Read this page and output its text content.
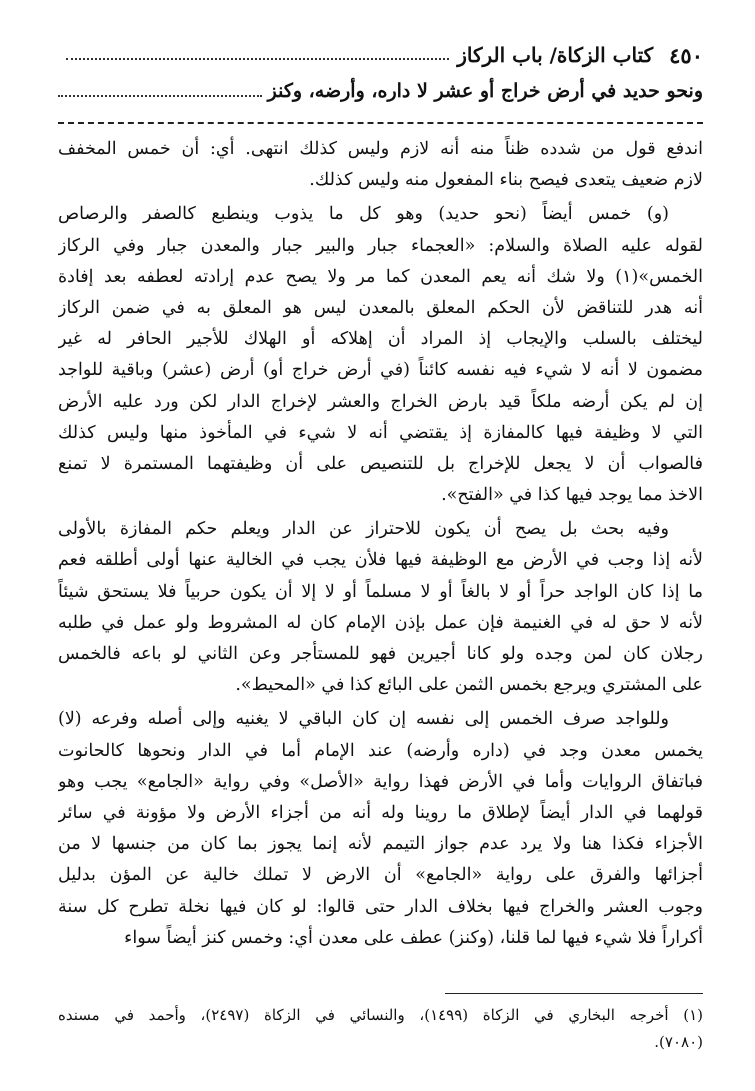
٤٥٠
كتاب الزكاة/ باب الركاز
ونحو حديد في أرض خراج أو عشر لا داره، وأرضه، وكنز
اندفع قول من شدده ظناً منه أنه لازم وليس كذلك انتهى. أي: أن خمس المخفف
لازم ضعيف يتعدى فيصح بناء المفعول منه وليس كذلك.
(و) خمس أيضاً (نحو حديد) وهو كل ما يذوب وينطبع كالصفر والرصاص
لقوله عليه الصلاة والسلام: «العجماء جبار والبير جبار والمعدن جبار وفي الركاز
الخمس»(١) ولا شك أنه يعم المعدن كما مر ولا يصح عدم إرادته لعطفه بعد إفادة
أنه هدر للتناقض لأن الحكم المعلق بالمعدن ليس هو المعلق به في ضمن الركاز
ليختلف بالسلب والإيجاب إذ المراد أن إهلاكه أو الهلاك للأجير الحافر له غير
مضمون لا أنه لا شيء فيه نفسه كائناً (في أرض خراج أو) أرض (عشر) وباقية للواجد
إن لم يكن أرضه ملكاً قيد بارض الخراج والعشر لإخراج الدار لكن ورد عليه الأرض
التي لا وظيفة فيها كالمفازة إذ يقتضي أنه لا شيء في المأخوذ منها وليس كذلك
فالصواب أن لا يجعل للإخراج بل للتنصيص على أن وظيفتهما المستمرة لا تمنع
الاخذ مما يوجد فيها كذا في «الفتح».
وفيه بحث بل يصح أن يكون للاحتراز عن الدار ويعلم حكم المفازة بالأولى
لأنه إذا وجب في الأرض مع الوظيفة فيها فلأن يجب في الخالية عنها أولى أطلقه فعم
ما إذا كان الواجد حراً أو لا بالغاً أو لا مسلماً أو لا إلا أن يكون حربياً فلا يستحق شيئاً
لأنه لا حق له في الغنيمة فإن عمل بإذن الإمام كان له المشروط ولو عمل في طلبه
رجلان كان لمن وجده ولو كانا أجيرين فهو للمستأجر وعن الثاني لو باعه فالخمس
على المشتري ويرجع بخمس الثمن على البائع كذا في «المحيط».
وللواجد صرف الخمس إلى نفسه إن كان الباقي لا يغنيه وإلى أصله وفرعه (لا)
يخمس معدن وجد في (داره وأرضه) عند الإمام أما في الدار ونحوها كالحانوت
فباتفاق الروايات وأما في الأرض فهذا رواية «الأصل» وفي رواية «الجامع» يجب وهو
قولهما في الدار أيضاً لإطلاق ما روينا وله أنه من أجزاء الأرض ولا مؤونة في سائر
الأجزاء فكذا هنا ولا يرد عدم جواز التيمم لأنه إنما يجوز بما كان من جنسها لا من
أجزائها والفرق على رواية «الجامع» أن الارض لا تملك خالية عن المؤن بدليل
وجوب العشر والخراج فيها بخلاف الدار حتى قالوا: لو كان فيها نخلة تطرح كل سنة
أكراراً فلا شيء فيها لما قلنا، (وكنز) عطف على معدن أي: وخمس كنز أيضاً سواء
(١) أخرجه البخاري في الزكاة (١٤٩٩)، والنسائي في الزكاة (٢٤٩٧)، وأحمد في مسنده
(٧٠٨٠).
